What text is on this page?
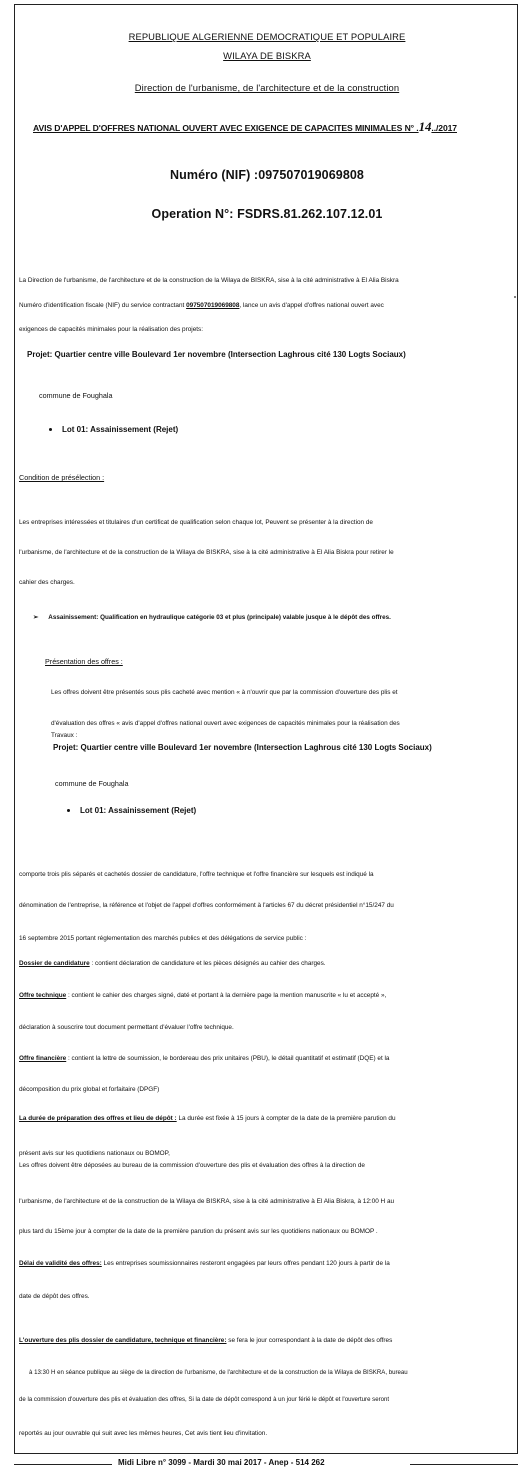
REPUBLIQUE ALGERIENNE DEMOCRATIQUE ET POPULAIRE
WILAYA DE BISKRA
Direction de l'urbanisme, de l'architecture et de la construction
AVIS D'APPEL D'OFFRES NATIONAL OUVERT AVEC EXIGENCE DE CAPACITES MINIMALES N° .14../2017
Numéro (NIF) :097507019069808
Operation N°: FSDRS.81.262.107.12.01
La Direction de l'urbanisme, de l'architecture et de la construction de la Wilaya de BISKRA, sise à la cité administrative à El Alia Biskra
Numéro d'identification fiscale (NIF) du service contractant 097507019069808, lance un avis d'appel d'offres national ouvert avec
exigences de capacités minimales pour la réalisation des projets:
Projet: Quartier centre ville Boulevard 1er novembre (Intersection Laghrous cité 130 Logts Sociaux)
commune de Foughala
Lot 01: Assainissement (Rejet)
Condition de présélection :
Les entreprises intéressées et titulaires d'un certificat de qualification selon chaque lot, Peuvent se présenter à la direction de
l'urbanisme, de l'architecture et de la construction de la Wilaya de BISKRA, sise à la cité administrative à El Alia Biskra pour retirer le
cahier des charges.
➢ Assainissement: Qualification en hydraulique catégorie 03 et plus (principale) valable jusque à le dépôt des offres.
Présentation des offres :
Les offres doivent être présentés sous plis cacheté avec mention « à n'ouvrir que par la commission d'ouverture des plis et
d'évaluation des offres « avis d'appel d'offres national ouvert avec exigences de capacités minimales pour la réalisation des
Travaux :
Projet: Quartier centre ville Boulevard 1er novembre (Intersection Laghrous cité 130 Logts Sociaux)
commune de Foughala
Lot 01: Assainissement (Rejet)
comporte trois plis séparés et cachetés dossier de candidature, l'offre technique et l'offre financière sur lesquels est indiqué la
dénomination de l'entreprise, la référence et l'objet de l'appel d'offres conformément à l'articles 67 du décret présidentiel n°15/247 du
16 septembre 2015 portant réglementation des marchés publics et des délégations de service public :
Dossier de candidature : contient déclaration de candidature et les pièces désignés au cahier des charges.
Offre technique : contient le cahier des charges signé, daté et portant à la dernière page la mention manuscrite « lu et accepté »,
déclaration à souscrire tout document permettant d'évaluer l'offre technique.
Offre financière : contient la lettre de soumission, le bordereau des prix unitaires (PBU), le détail quantitatif et estimatif (DQE) et la
décomposition du prix global et forfaitaire (DPGF)
La durée de préparation des offres et lieu de dépôt : La durée est fixée à 15 jours à compter de la date de la première parution du
présent avis sur les quotidiens nationaux ou BOMOP,
Les offres doivent être déposées au bureau de la commission d'ouverture des plis et évaluation des offres à la direction de
l'urbanisme, de l'architecture et de la construction de la Wilaya de BISKRA, sise à la cité administrative à El Alia Biskra, à 12:00 H au
plus tard du 15ème jour à compter de la date de la première parution du présent avis sur les quotidiens nationaux ou BOMOP .
Délai de validité des offres: Les entreprises soumissionnaires resteront engagées par leurs offres pendant 120 jours à partir de la
date de dépôt des offres.
L'ouverture des plis dossier de candidature, technique et financière: se fera le jour correspondant à la date de dépôt des offres
à 13:30 H en séance publique au siège de la direction de l'urbanisme, de l'architecture et de la construction de la Wilaya de BISKRA, bureau
de la commission d'ouverture des plis et évaluation des offres, Si la date de dépôt correspond à un jour férié le dépôt et l'ouverture seront
reportés au jour ouvrable qui suit avec les mêmes heures, Cet avis tient lieu d'invitation.
Midi Libre n° 3099 - Mardi 30 mai 2017 - Anep - 514 262
